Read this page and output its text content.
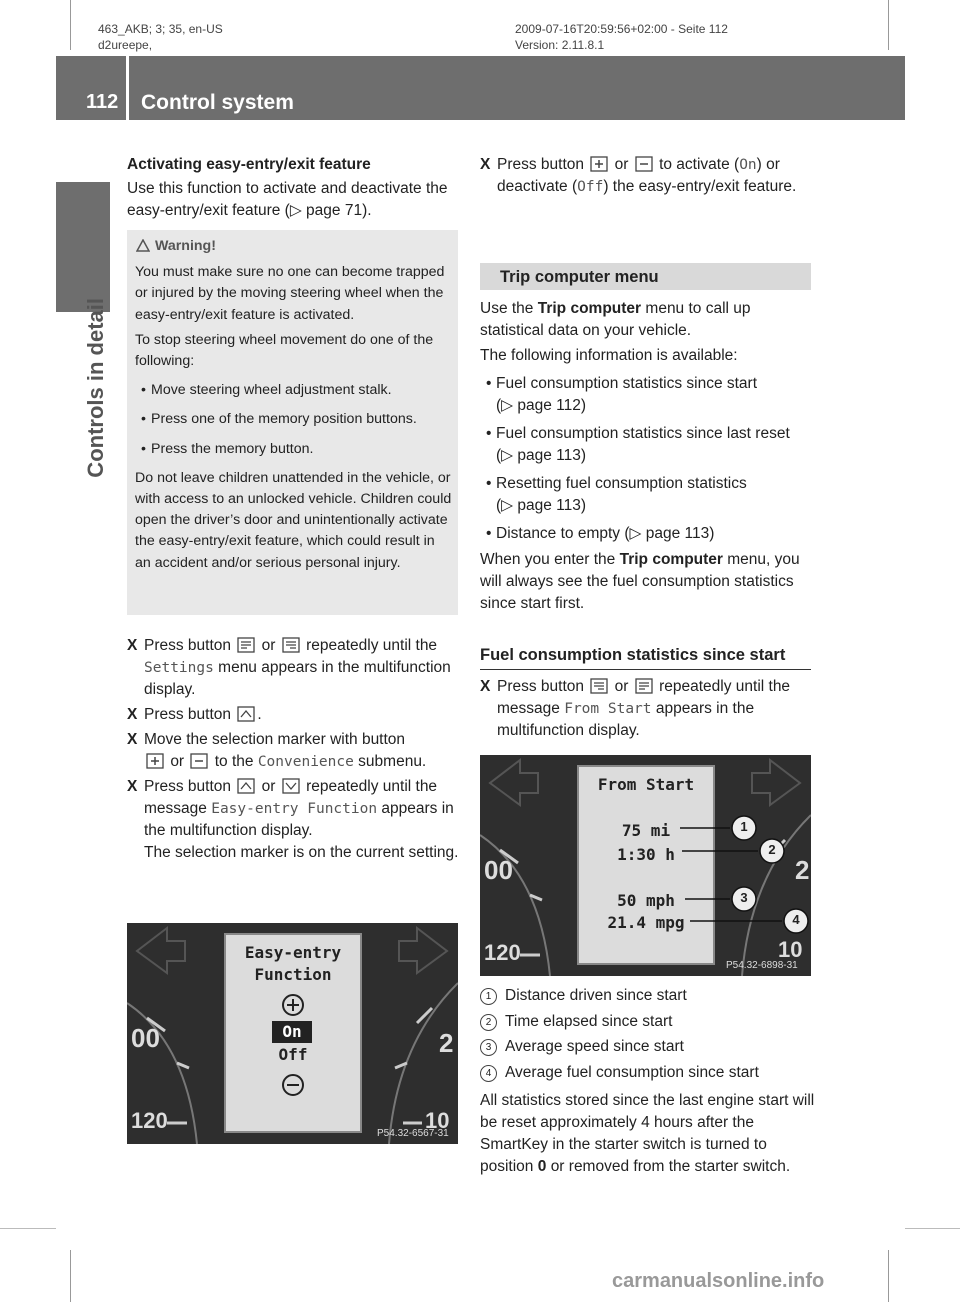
463_AKB; 3; 35, en-US
d2ureepe,
2009-07-16T20:59:56+02:00 - Seite 112
Version: 2.11.8.1
112 Control system
Controls in detail

Activating easy-entry/exit feature

Use this function to activate and deactivate the easy-entry/exit feature (▷ page 71).

Warning!
You must make sure no one can become trapped or injured by the moving steering wheel when the easy-entry/exit feature is activated.
To stop steering wheel movement do one of the following:
• Move steering wheel adjustment stalk.
• Press one of the memory position buttons.
• Press the memory button.
Do not leave children unattended in the vehicle, or with access to an unlocked vehicle. Children could open the driver’s door and unintentionally activate the easy-entry/exit feature, which could result in an accident and/or serious personal injury.
X Press button or repeatedly until the Settings menu appears in the multifunction display.
X Press button .
X Move the selection marker with button
or to the Convenience submenu.
X Press button or repeatedly until the message Easy-entry Function appears in the multifunction display.
The selection marker is on the current setting.
00
120
2
10
Easy-entry
Function
On
Off
P54.32-6567-31
X Press button or to activate (On) or deactivate (Off) the easy-entry/exit feature.
Trip computer menu

Use the Trip computer menu to call up statistical data on your vehicle.

The following information is available:

• Fuel consumption statistics since start
(▷ page 112)
• Fuel consumption statistics since last reset
(▷ page 113)
• Resetting fuel consumption statistics
(▷ page 113)
• Distance to empty (▷ page 113)

When you enter the Trip computer menu, you will always see the fuel consumption statistics since start first.

Fuel consumption statistics since start
X Press button or repeatedly until the message From Start appears in the multifunction display.
00
120
2
10
From Start
75 mi
1:30 h
50 mph
21.4 mpg
1
2
3
4
P54.32-6898-31
1 Distance driven since start
2 Time elapsed since start
3 Average speed since start
4 Average fuel consumption since start

All statistics stored since the last engine start will be reset approximately 4 hours after the SmartKey in the starter switch is turned to position 0 or removed from the starter switch.

carmanualsonline.info
